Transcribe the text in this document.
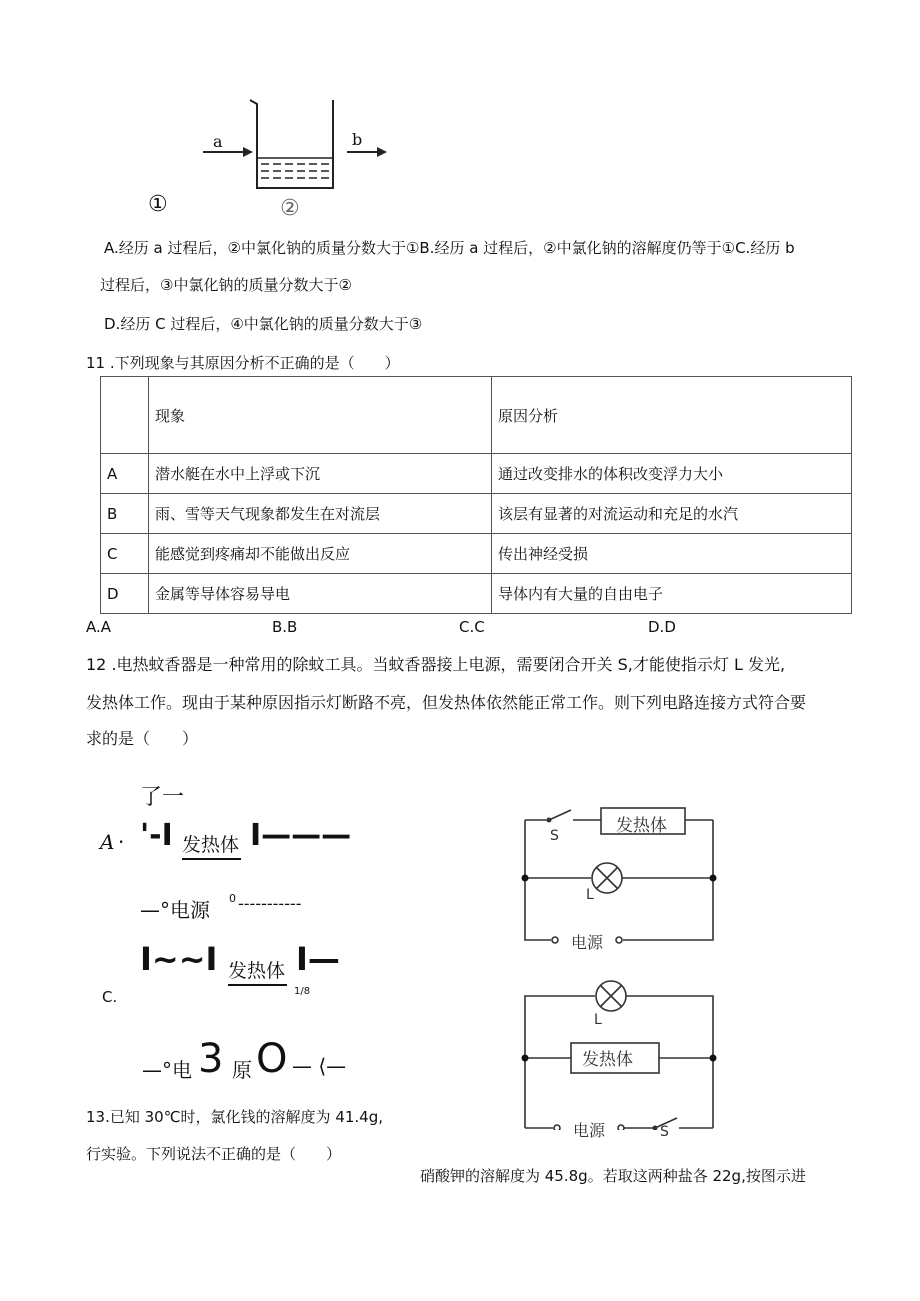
a	b
①	②
A.经历 a 过程后，②中氯化钠的质量分数大于①B.经历 a 过程后，②中氯化钠的溶解度仍等于①C.经历 b
过程后，③中氯化钠的质量分数大于②
D.经历 C 过程后，④中氯化钠的质量分数大于③
11 .下列现象与其原因分析不正确的是（　　）
	现象	原因分析
A	潜水艇在水中上浮或下沉	通过改变排水的体积改变浮力大小
B	雨、雪等天气现象都发生在对流层	该层有显著的对流运动和充足的水汽
C	能感觉到疼痛却不能做出反应	传出神经受损
D	金属等导体容易导电	导体内有大量的自由电子
A.A	B.B	C.C	D.D
12 .电热蚊香器是一种常用的除蚊工具。当蚊香器接上电源，需要闭合开关 S,才能使指示灯 L 发光,
发热体工作。现由于某种原因指示灯断路不亮，但发热体依然能正常工作。则下列电路连接方式符合要
求的是（　　）
了一
A · '-I 发热体 I———
—°电源 0 -----------
I~~I 发热体 I—
1/8
C.
—°电 3 原 O — ⟨—
S	发热体
L
电源
L
发热体
电源	S
13.已知 30℃时，氯化钱的溶解度为 41.4g,
行实验。下列说法不正确的是（　　）
硝酸钾的溶解度为 45.8g。若取这两种盐各 22g,按图示进
